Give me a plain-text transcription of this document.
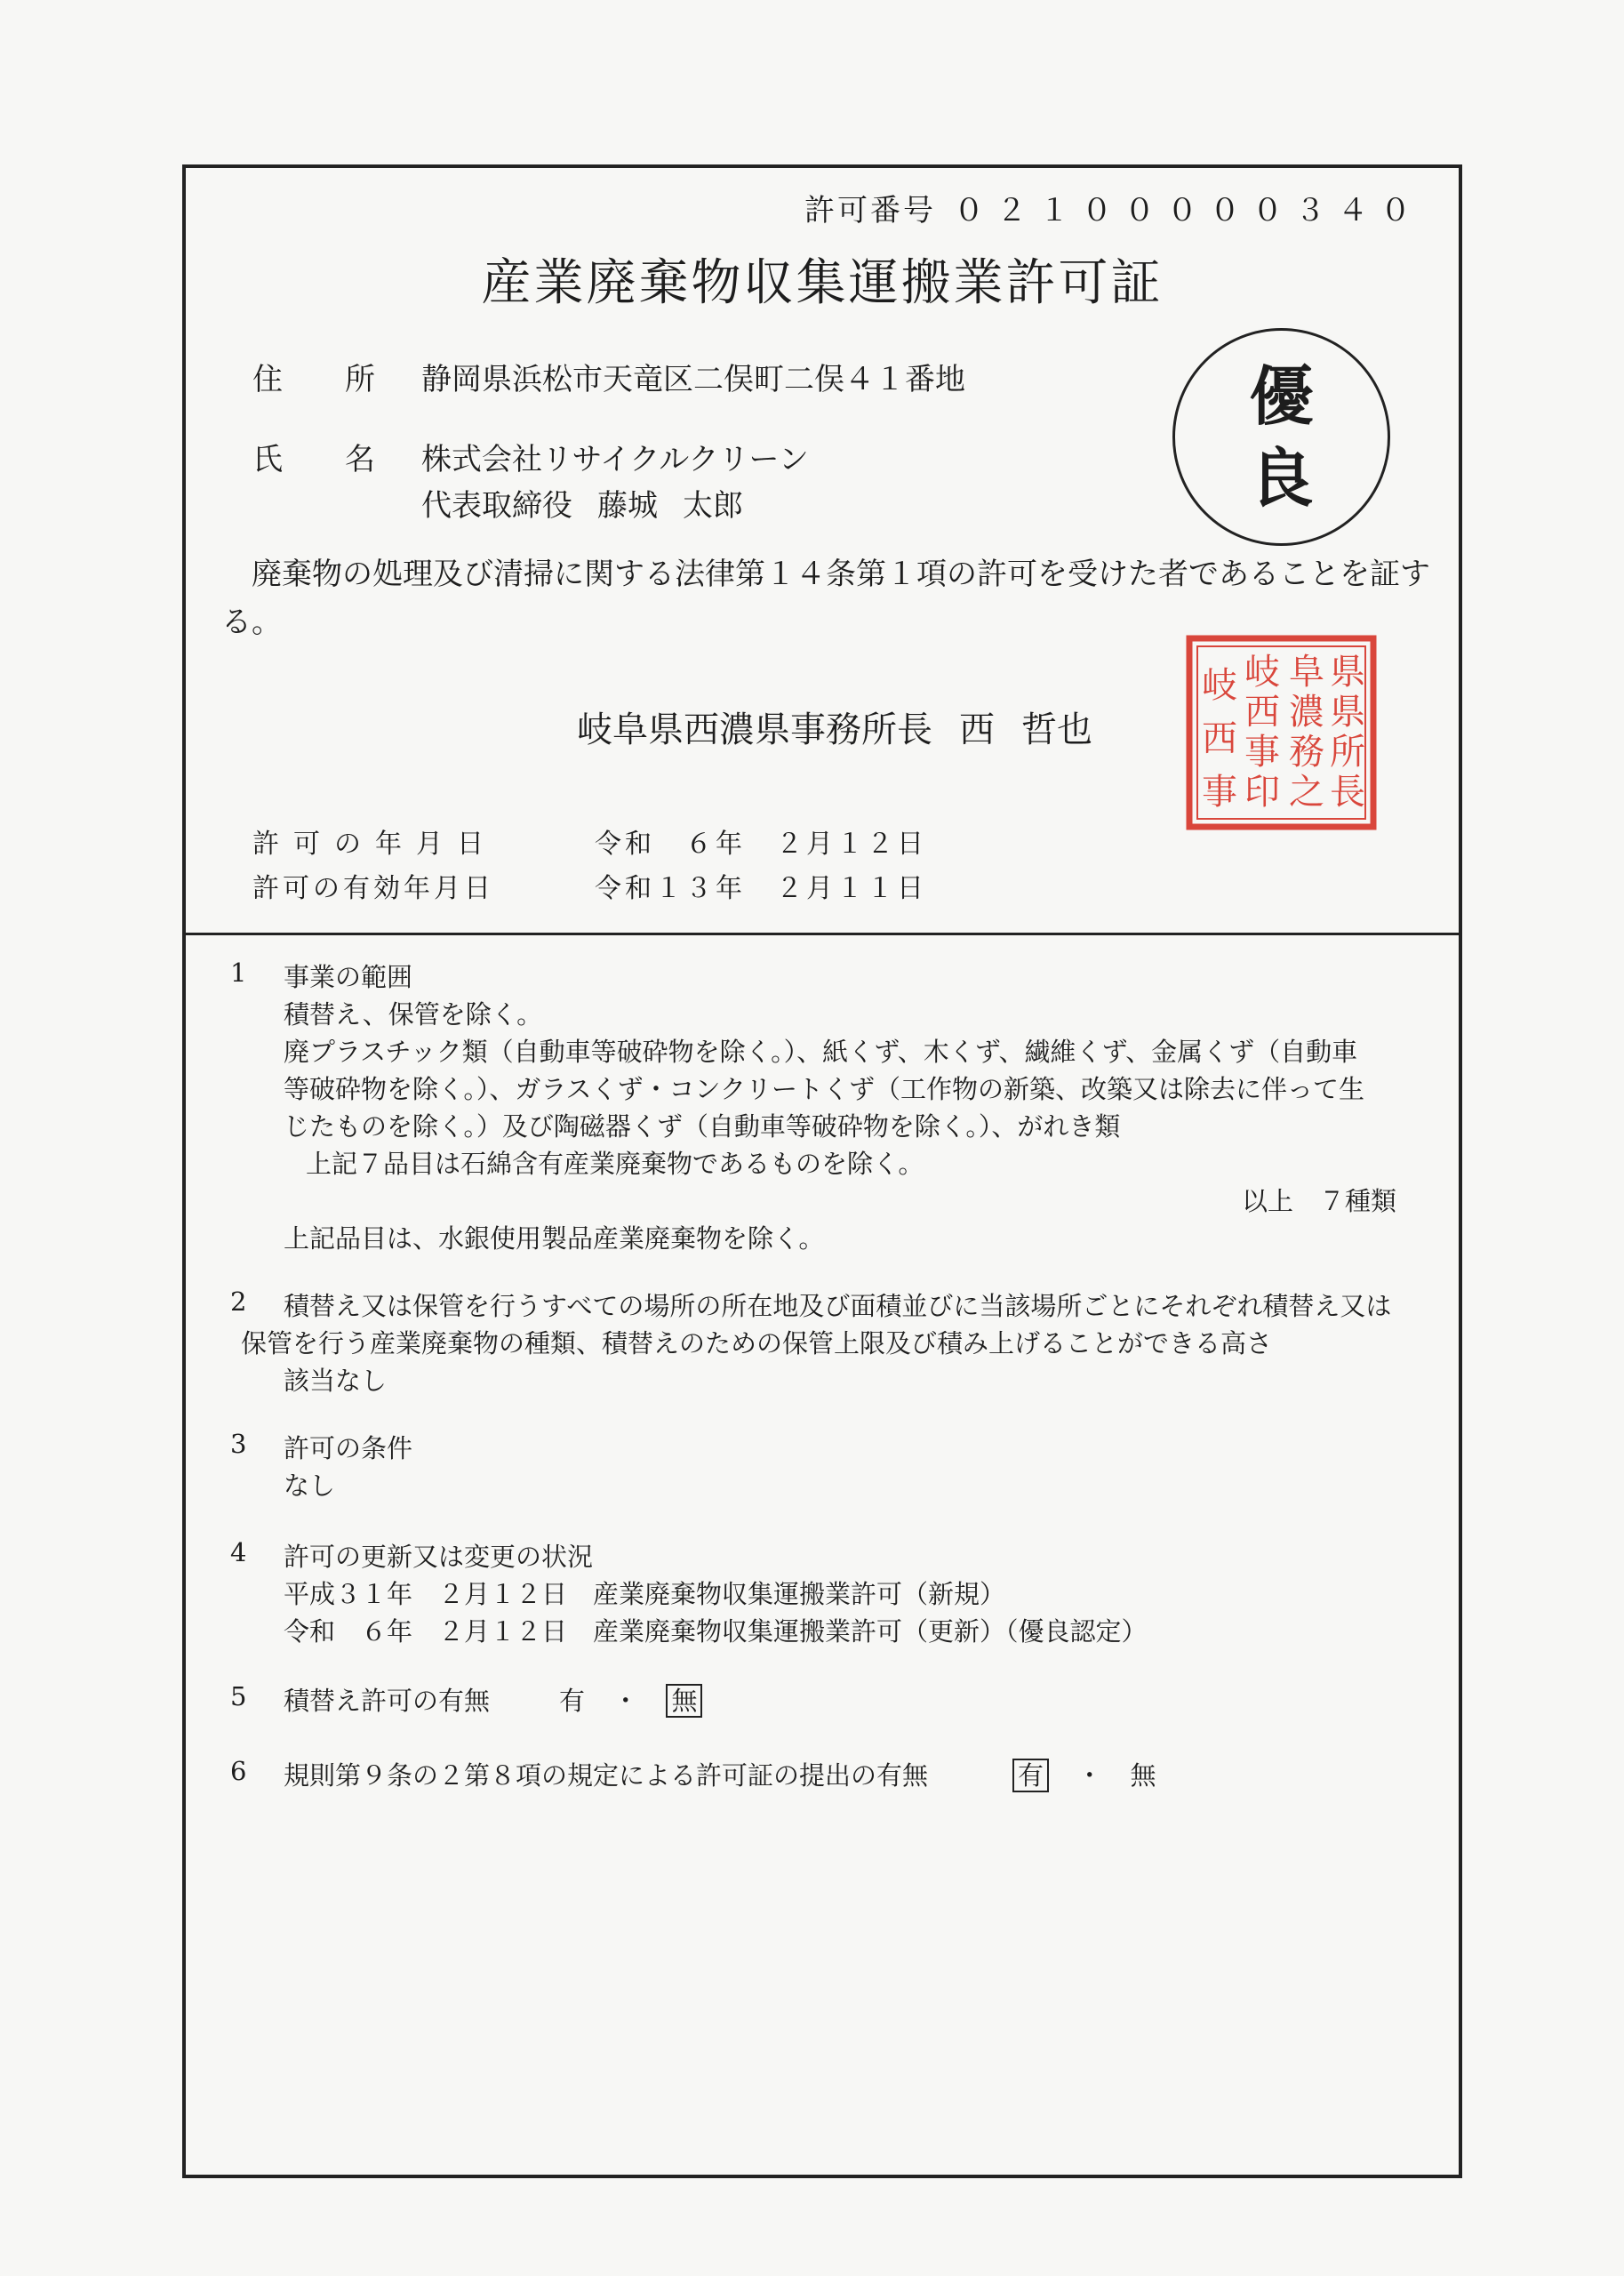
許可番号 ０２１０００００３４０
産業廃棄物収集運搬業許可証
住 所 静岡県浜松市天竜区二俣町二俣４１番地
氏 名 株式会社リサイクルクリーン
代表取締役 藤城 太郎
優
良
廃棄物の処理及び清掃に関する法律第１４条第１項の許可を受けた者であることを証する。
岐阜県西濃県事務所長 西 哲也
県
県
所
長
阜
濃
務
之
岐
西
事
印
岐
西
事
許可の年月日	令和　６年　２月１２日
許可の有効年月日	令和１３年　２月１１日
1 事業の範囲
積替え、保管を除く。
廃プラスチック類（自動車等破砕物を除く。）、紙くず、木くず、繊維くず、金属くず（自動車
等破砕物を除く。）、ガラスくず・コンクリートくず（工作物の新築、改築又は除去に伴って生
じたものを除く。）及び陶磁器くず（自動車等破砕物を除く。）、がれき類
上記７品目は石綿含有産業廃棄物であるものを除く。
以上　７種類
上記品目は、水銀使用製品産業廃棄物を除く。
2 積替え又は保管を行うすべての場所の所在地及び面積並びに当該場所ごとにそれぞれ積替え又は
保管を行う産業廃棄物の種類、積替えのための保管上限及び積み上げることができる高さ
該当なし
3 許可の条件
なし
4 許可の更新又は変更の状況
平成３１年　２月１２日　産業廃棄物収集運搬業許可（新規）
令和　６年　２月１２日　産業廃棄物収集運搬業許可（更新）（優良認定）
5 積替え許可の有無	有 ・ 無
6 規則第９条の２第８項の規定による許可証の提出の有無	有 ・ 無
